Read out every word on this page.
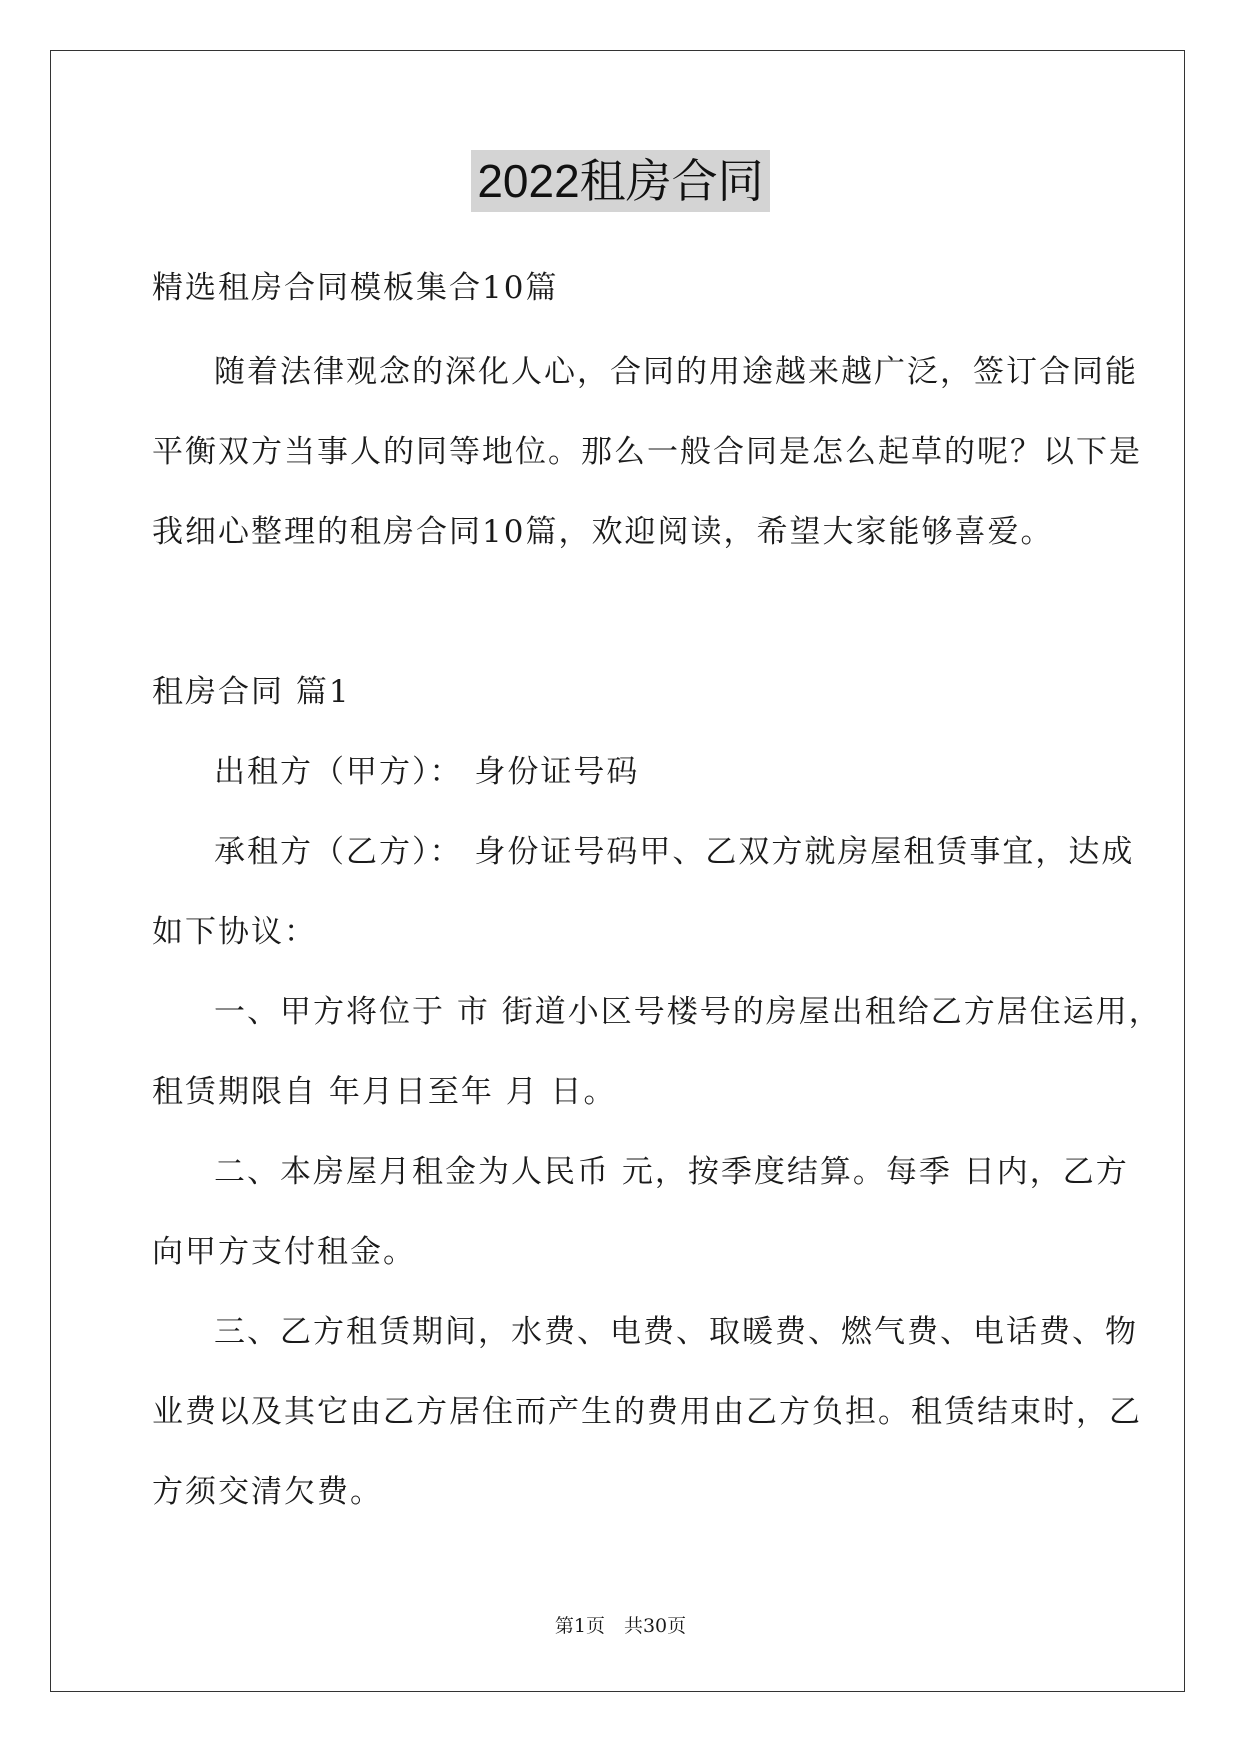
2022租房合同

精选租房合同模板集合10篇

随着法律观念的深化人心，合同的用途越来越广泛，签订合同能

平衡双方当事人的同等地位。那么一般合同是怎么起草的呢？以下是

我细心整理的租房合同10篇，欢迎阅读，希望大家能够喜爱。

租房合同 篇1

出租方（甲方）： 身份证号码

承租方（乙方）： 身份证号码甲、乙双方就房屋租赁事宜，达成

如下协议：

一、甲方将位于 市 街道小区号楼号的房屋出租给乙方居住运用，

租赁期限自 年月日至年 月 日。

二、本房屋月租金为人民币 元，按季度结算。每季 日内，乙方

向甲方支付租金。

三、乙方租赁期间，水费、电费、取暖费、燃气费、电话费、物

业费以及其它由乙方居住而产生的费用由乙方负担。租赁结束时，乙

方须交清欠费。

第1页　共30页
